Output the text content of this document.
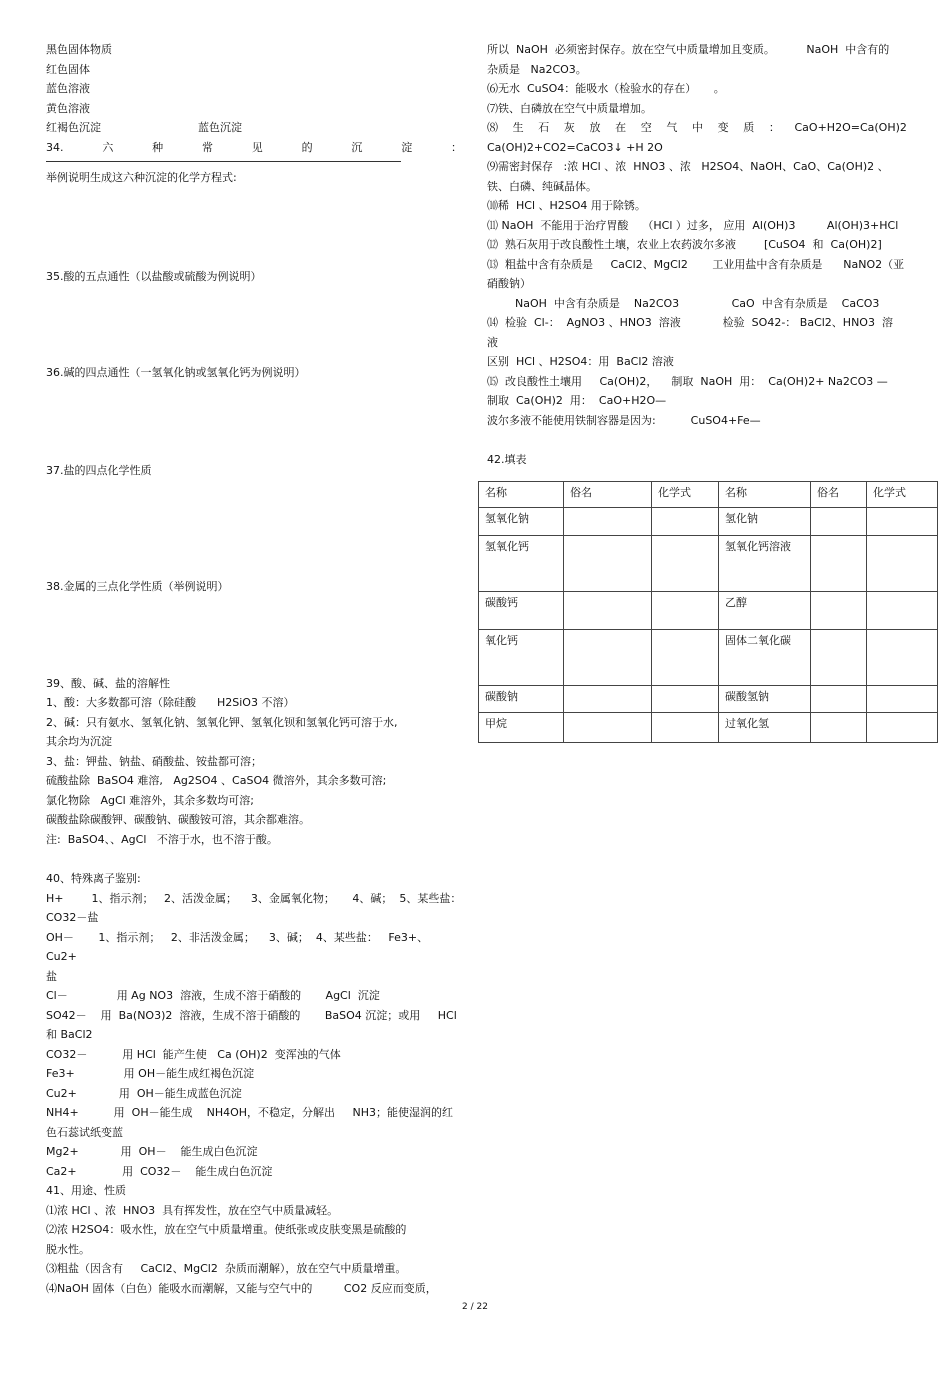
黑色固体物质

红色固体

蓝色溶液

黄色溶液

红褐色沉淀	蓝色沉淀

34.	六	种	常	见	的	沉	淀	：

举例说明生成这六种沉淀的化学方程式:

35.酸的五点通性（以盐酸或硫酸为例说明）

36.碱的四点通性（一氢氧化钠或氢氧化钙为例说明）

37.盐的四点化学性质

38.金属的三点化学性质（举例说明）

39、酸、碱、盐的溶解性

1、酸：大多数都可溶（除硅酸      H2SiO3 不溶）

2、碱：只有氨水、氢氧化钠、氢氧化钾、氢氧化钡和氢氧化钙可溶于水,

其余均为沉淀

3、盐：钾盐、钠盐、硝酸盐、铵盐都可溶；

硫酸盐除  BaSO4 难溶,   Ag2SO4 、CaSO4 微溶外，其余多数可溶;

氯化物除   AgCl 难溶外，其余多数均可溶;

碳酸盐除碳酸钾、碳酸钠、碳酸铵可溶，其余都难溶。

注:  BaSO4、、AgCl   不溶于水，也不溶于酸。

40、特殊离子鉴别:

H+        1、指示剂；   2、活泼金属；    3、金属氧化物；     4、碱；  5、某些盐：

CO32－盐

OH－       1、指示剂；   2、非活泼金属；    3、碱；  4、某些盐：   Fe3+、 Cu2+

盐

Cl－              用 Ag NO3  溶液，生成不溶于硝酸的       AgCl  沉淀

SO42－    用  Ba(NO3)2  溶液，生成不溶于硝酸的       BaSO4 沉淀；或用     HCl

和 BaCl2

CO32－          用 HCl  能产生使   Ca (OH)2  变浑浊的气体

Fe3+              用 OH－能生成红褐色沉淀

Cu2+            用  OH－能生成蓝色沉淀

NH4+          用  OH－能生成    NH4OH，不稳定，分解出     NH3；能使湿润的红

色石蕊试纸变蓝

Mg2+            用  OH－    能生成白色沉淀

Ca2+             用  CO32－    能生成白色沉淀

41、用途、性质

⑴浓 HCl 、浓  HNO3  具有挥发性，放在空气中质量减轻。

⑵浓 H2SO4：吸水性，放在空气中质量增重。使纸张或皮肤变黑是硫酸的

脱水性。

⑶粗盐（因含有     CaCl2、MgCl2  杂质而潮解），放在空气中质量增重。

⑷NaOH 固体（白色）能吸水而潮解，又能与空气中的         CO2 反应而变质，

所以  NaOH  必须密封保存。放在空气中质量增加且变质。         NaOH  中含有的

杂质是   Na2CO3。

⑹无水  CuSO4：能吸水（检验水的存在）     。

⑺铁、白磷放在空气中质量增加。

⑻ 生 石 灰 放 在 空 气 中 变 质 ： CaO+H2O=Ca(OH)2

Ca(OH)2+CO2=CaCO3↓ +H 2O

⑼需密封保存   :浓 HCl 、浓  HNO3 、浓   H2SO4、NaOH、CaO、Ca(OH)2 、

铁、白磷、纯碱晶体。

⑽稀  HCl 、H2SO4 用于除锈。

⑾ NaOH  不能用于治疗胃酸    （HCl ）过多， 应用  Al(OH)3         Al(OH)3+HCl

⑿  熟石灰用于改良酸性土壤，农业上农药波尔多液        [CuSO4  和  Ca(OH)2]

⒀  粗盐中含有杂质是     CaCl2、MgCl2       工业用盐中含有杂质是      NaNO2（亚

硝酸钠）

NaOH  中含有杂质是    Na2CO3               CaO  中含有杂质是    CaCO3

⒁  检验  Cl-：  AgNO3 、HNO3  溶液            检验  SO42-： BaCl2、HNO3  溶

液

区别  HCl 、H2SO4：用  BaCl2 溶液

⒂  改良酸性土壤用     Ca(OH)2，    制取  NaOH  用：  Ca(OH)2+ Na2CO3 —

制取  Ca(OH)2  用：  CaO+H2O—

波尔多液不能使用铁制容器是因为:          CuSO4+Fe—

42.填表

名称	俗名	化学式	名称	俗名	化学式
氢氧化钠			氢化钠		
氢氧化钙			氢氧化钙溶液		
碳酸钙			乙醇		
氧化钙			固体二氧化碳		
碳酸钠			碳酸氢钠		
甲烷			过氧化氢		
2 / 22
